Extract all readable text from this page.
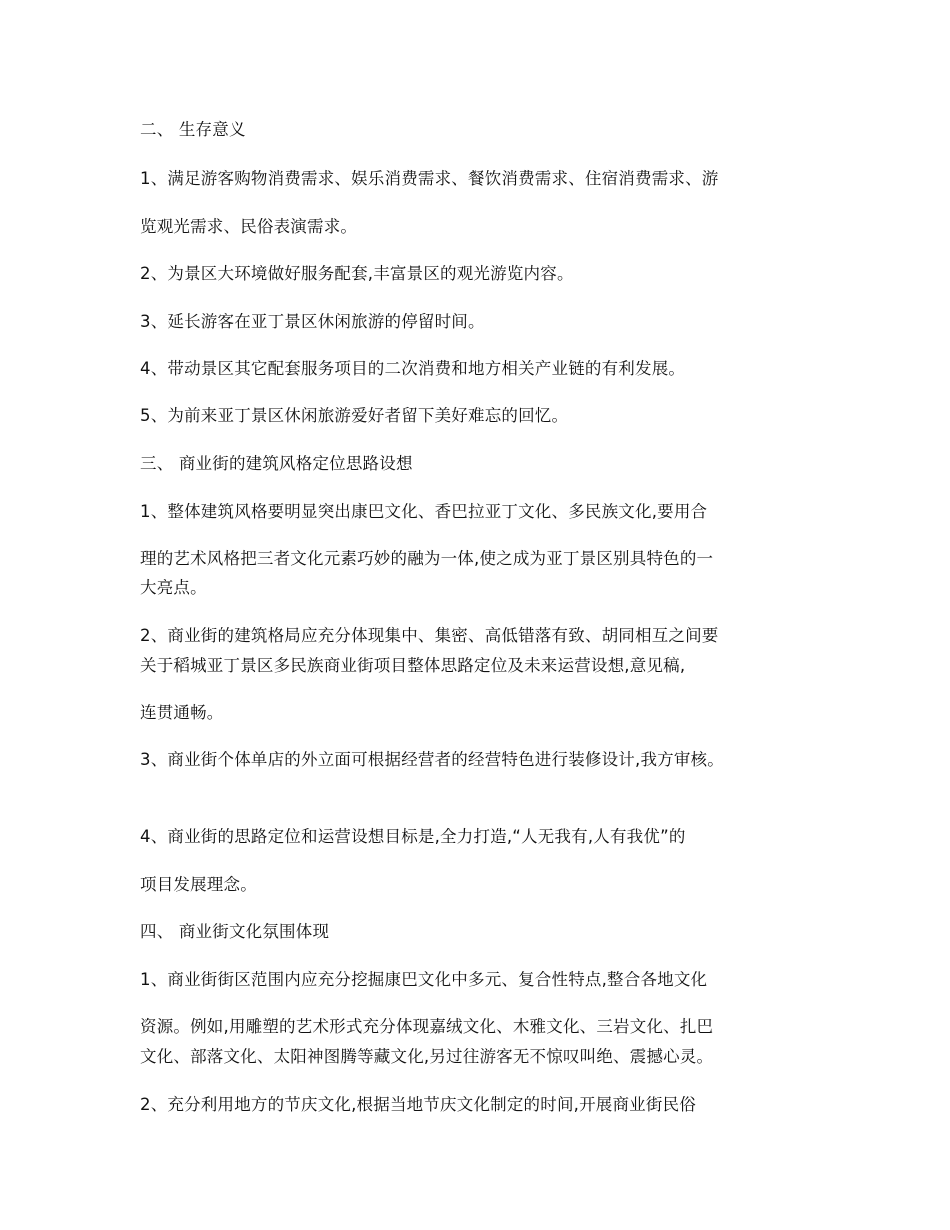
二、 生存意义
1、满足游客购物消费需求、娱乐消费需求、餐饮消费需求、住宿消费需求、游
览观光需求、民俗表演需求。
2、为景区大环境做好服务配套,丰富景区的观光游览内容。
3、延长游客在亚丁景区休闲旅游的停留时间。
4、带动景区其它配套服务项目的二次消费和地方相关产业链的有利发展。
5、为前来亚丁景区休闲旅游爱好者留下美好难忘的回忆。
三、 商业街的建筑风格定位思路设想
1、整体建筑风格要明显突出康巴文化、香巴拉亚丁文化、多民族文化,要用合
理的艺术风格把三者文化元素巧妙的融为一体,使之成为亚丁景区别具特色的一
大亮点。
2、商业街的建筑格局应充分体现集中、集密、高低错落有致、胡同相互之间要
关于稻城亚丁景区多民族商业街项目整体思路定位及未来运营设想,意见稿,
连贯通畅。
3、商业街个体单店的外立面可根据经营者的经营特色进行装修设计,我方审核。
4、商业街的思路定位和运营设想目标是,全力打造,“人无我有,人有我优”的
项目发展理念。
四、 商业街文化氛围体现
1、商业街街区范围内应充分挖掘康巴文化中多元、复合性特点,整合各地文化
资源。例如,用雕塑的艺术形式充分体现嘉绒文化、木雅文化、三岩文化、扎巴
文化、部落文化、太阳神图腾等藏文化,另过往游客无不惊叹叫绝、震撼心灵。
2、充分利用地方的节庆文化,根据当地节庆文化制定的时间,开展商业街民俗
